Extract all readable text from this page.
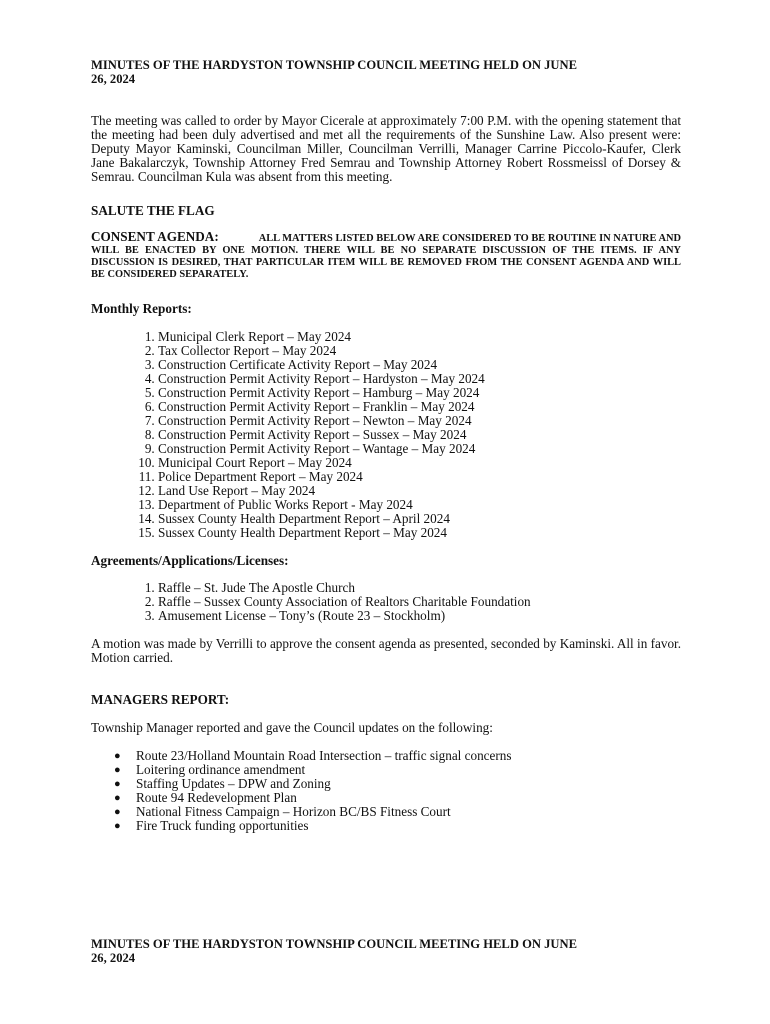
MINUTES OF THE HARDYSTON TOWNSHIP COUNCIL MEETING HELD ON JUNE
26, 2024

The meeting was called to order by Mayor Cicerale at approximately 7:00 P.M. with the opening statement that the meeting had been duly advertised and met all the requirements of the Sunshine Law. Also present were: Deputy Mayor Kaminski, Councilman Miller, Councilman Verrilli, Manager Carrine Piccolo-Kaufer, Clerk Jane Bakalarczyk, Township Attorney Fred Semrau and Township Attorney Robert Rossmeissl of Dorsey & Semrau. Councilman Kula was absent from this meeting.

SALUTE THE FLAG

CONSENT AGENDA:	ALL MATTERS LISTED BELOW ARE CONSIDERED TO BE ROUTINE IN NATURE AND WILL BE ENACTED BY ONE MOTION. THERE WILL BE NO SEPARATE DISCUSSION OF THE ITEMS. IF ANY DISCUSSION IS DESIRED, THAT PARTICULAR ITEM WILL BE REMOVED FROM THE CONSENT AGENDA AND WILL BE CONSIDERED SEPARATELY.

Monthly Reports:

1. Municipal Clerk Report – May 2024
2. Tax Collector Report – May 2024
3. Construction Certificate Activity Report – May 2024
4. Construction Permit Activity Report – Hardyston – May 2024
5. Construction Permit Activity Report – Hamburg – May 2024
6. Construction Permit Activity Report – Franklin – May 2024
7. Construction Permit Activity Report – Newton – May 2024
8. Construction Permit Activity Report – Sussex – May 2024
9. Construction Permit Activity Report – Wantage – May 2024
10. Municipal Court Report – May 2024
11. Police Department Report – May 2024
12. Land Use Report – May 2024
13. Department of Public Works Report - May 2024
14. Sussex County Health Department Report – April 2024
15. Sussex County Health Department Report – May 2024

Agreements/Applications/Licenses:

1. Raffle – St. Jude The Apostle Church
2. Raffle – Sussex County Association of Realtors Charitable Foundation
3. Amusement License – Tony’s (Route 23 – Stockholm)

A motion was made by Verrilli to approve the consent agenda as presented, seconded by Kaminski. All in favor. Motion carried.

MANAGERS REPORT:

Township Manager reported and gave the Council updates on the following:

● Route 23/Holland Mountain Road Intersection – traffic signal concerns
● Loitering ordinance amendment
● Staffing Updates – DPW and Zoning
● Route 94 Redevelopment Plan
● National Fitness Campaign – Horizon BC/BS Fitness Court
● Fire Truck funding opportunities

MINUTES OF THE HARDYSTON TOWNSHIP COUNCIL MEETING HELD ON JUNE
26, 2024
